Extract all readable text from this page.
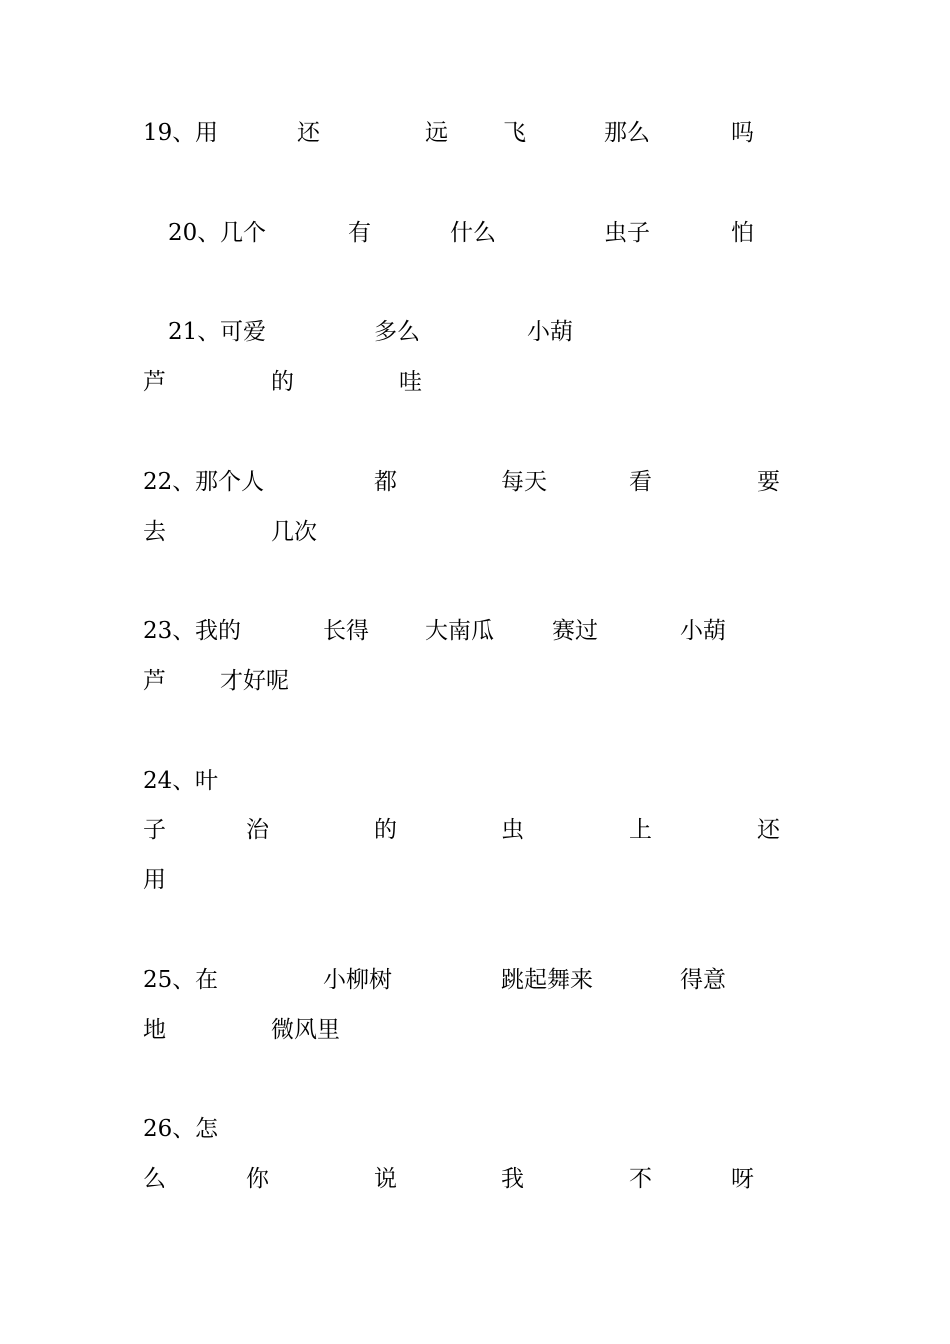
19、 用	还	远 飞	那么	吗
20、 几个	有	什么	虫子	怕
21、 可爱	多么	小葫
芦	的	哇
22、 那个人	都	每天	看	要
去	几次
23、 我的	长得 大南瓜	赛过	小葫
芦 才好呢
24、 叶
子	治	的	虫	上	还
用
25、 在	小柳树	跳起舞来	得意
地	微风里
26、 怎
么	你	说	我	不	呀
